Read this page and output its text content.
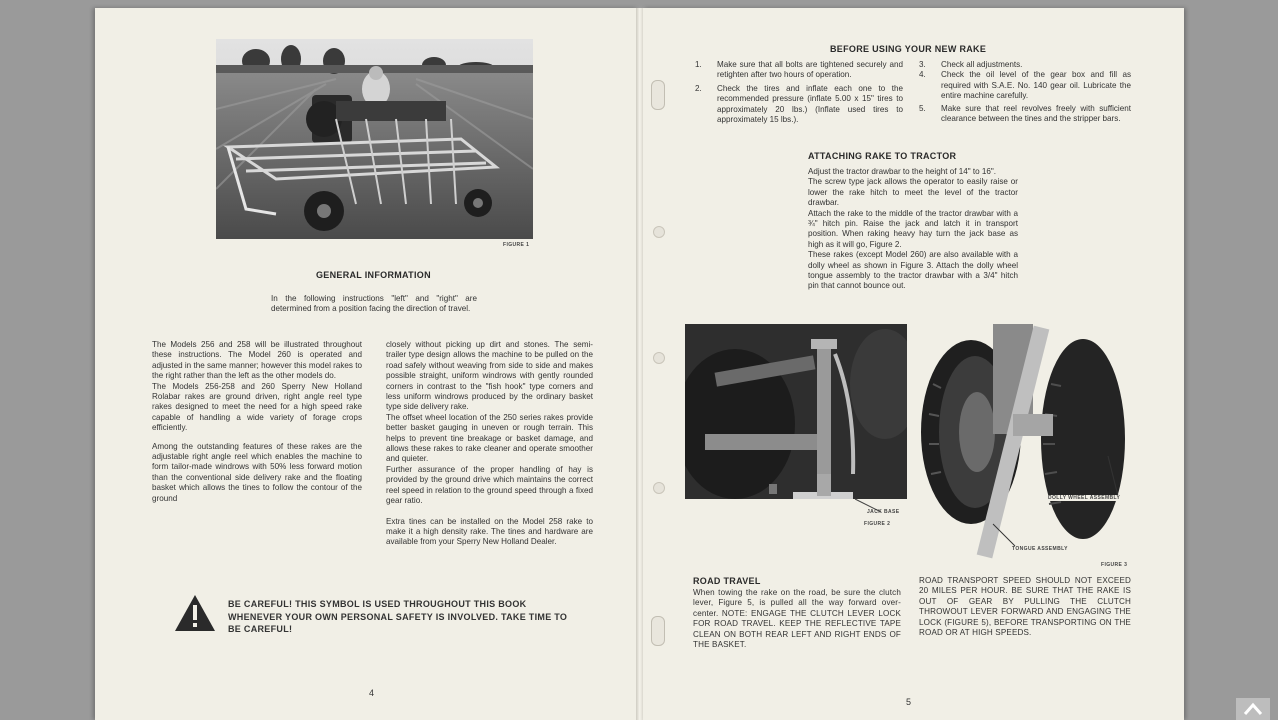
FIGURE 1
GENERAL INFORMATION
In the following instructions "left" and "right" are determined from a position facing the direction of travel.
The Models 256 and 258 will be illustrated throughout these instructions. The Model 260 is operated and adjusted in the same manner; however this model rakes to the right rather than the left as the other models do.
The Models 256-258 and 260 Sperry New Holland Rolabar rakes are ground driven, right angle reel type rakes designed to meet the need for a high speed rake capable of handling a wide variety of forage crops efficiently.
Among the outstanding features of these rakes are the adjustable right angle reel which enables the machine to form tailor-made windrows with 50% less forward motion than the conventional side delivery rake and the floating basket which allows the tines to follow the contour of the ground
closely without picking up dirt and stones. The semi-trailer type design allows the machine to be pulled on the road safely without weaving from side to side and makes possible straight, uniform windrows with gently rounded corners in contrast to the "fish hook" type corners and less uniform windrows produced by the ordinary basket type side delivery rake.
The offset wheel location of the 250 series rakes provide better basket gauging in uneven or rough terrain. This helps to prevent tine breakage or basket damage, and allows these rakes to rake cleaner and operate smoother and quieter.
Further assurance of the proper handling of hay is provided by the ground drive which maintains the correct reel speed in relation to the ground speed through a fixed gear ratio.
Extra tines can be installed on the Model 258 rake to make it a high density rake. The tines and hardware are available from your Sperry New Holland Dealer.
BE CAREFUL! THIS SYMBOL IS USED THROUGHOUT THIS BOOK WHENEVER YOUR OWN PERSONAL SAFETY IS INVOLVED. TAKE TIME TO BE CAREFUL!
4
BEFORE USING YOUR NEW RAKE
1.	Make sure that all bolts are tightened securely and retighten after two hours of operation.
2.	Check the tires and inflate each one to the recommended pressure (inflate 5.00 x 15" tires to approximately 20 lbs.) (Inflate used tires to approximately 15 lbs.).
3.	Check all adjustments.
4.	Check the oil level of the gear box and fill as required with S.A.E. No. 140 gear oil. Lubricate the entire machine carefully.
5.	Make sure that reel revolves freely with sufficient clearance between the tines and the stripper bars.
ATTACHING RAKE TO TRACTOR
Adjust the tractor drawbar to the height of 14" to 16".
The screw type jack allows the operator to easily raise or lower the rake hitch to meet the level of the tractor drawbar.
Attach the rake to the middle of the tractor drawbar with a ¾" hitch pin. Raise the jack and latch it in transport position. When raking heavy hay turn the jack base as high as it will go, Figure 2.
These rakes (except Model 260) are also available with a dolly wheel as shown in Figure 3. Attach the dolly wheel tongue assembly to the tractor drawbar with a 3/4" hitch pin that cannot bounce out.
JACK BASE
FIGURE 2
DOLLY WHEEL ASSEMBLY
TONGUE ASSEMBLY
FIGURE 3
ROAD TRAVEL
When towing the rake on the road, be sure the clutch lever, Figure 5, is pulled all the way forward over-center. NOTE: ENGAGE THE CLUTCH LEVER LOCK FOR ROAD TRAVEL. KEEP THE REFLECTIVE TAPE CLEAN ON BOTH REAR LEFT AND RIGHT ENDS OF THE BASKET.
ROAD TRANSPORT SPEED SHOULD NOT EXCEED 20 MILES PER HOUR. BE SURE THAT THE RAKE IS OUT OF GEAR BY PULLING THE CLUTCH THROWOUT LEVER FORWARD AND ENGAGING THE LOCK (FIGURE 5), BEFORE TRANSPORTING ON THE ROAD OR AT HIGH SPEEDS.
5
